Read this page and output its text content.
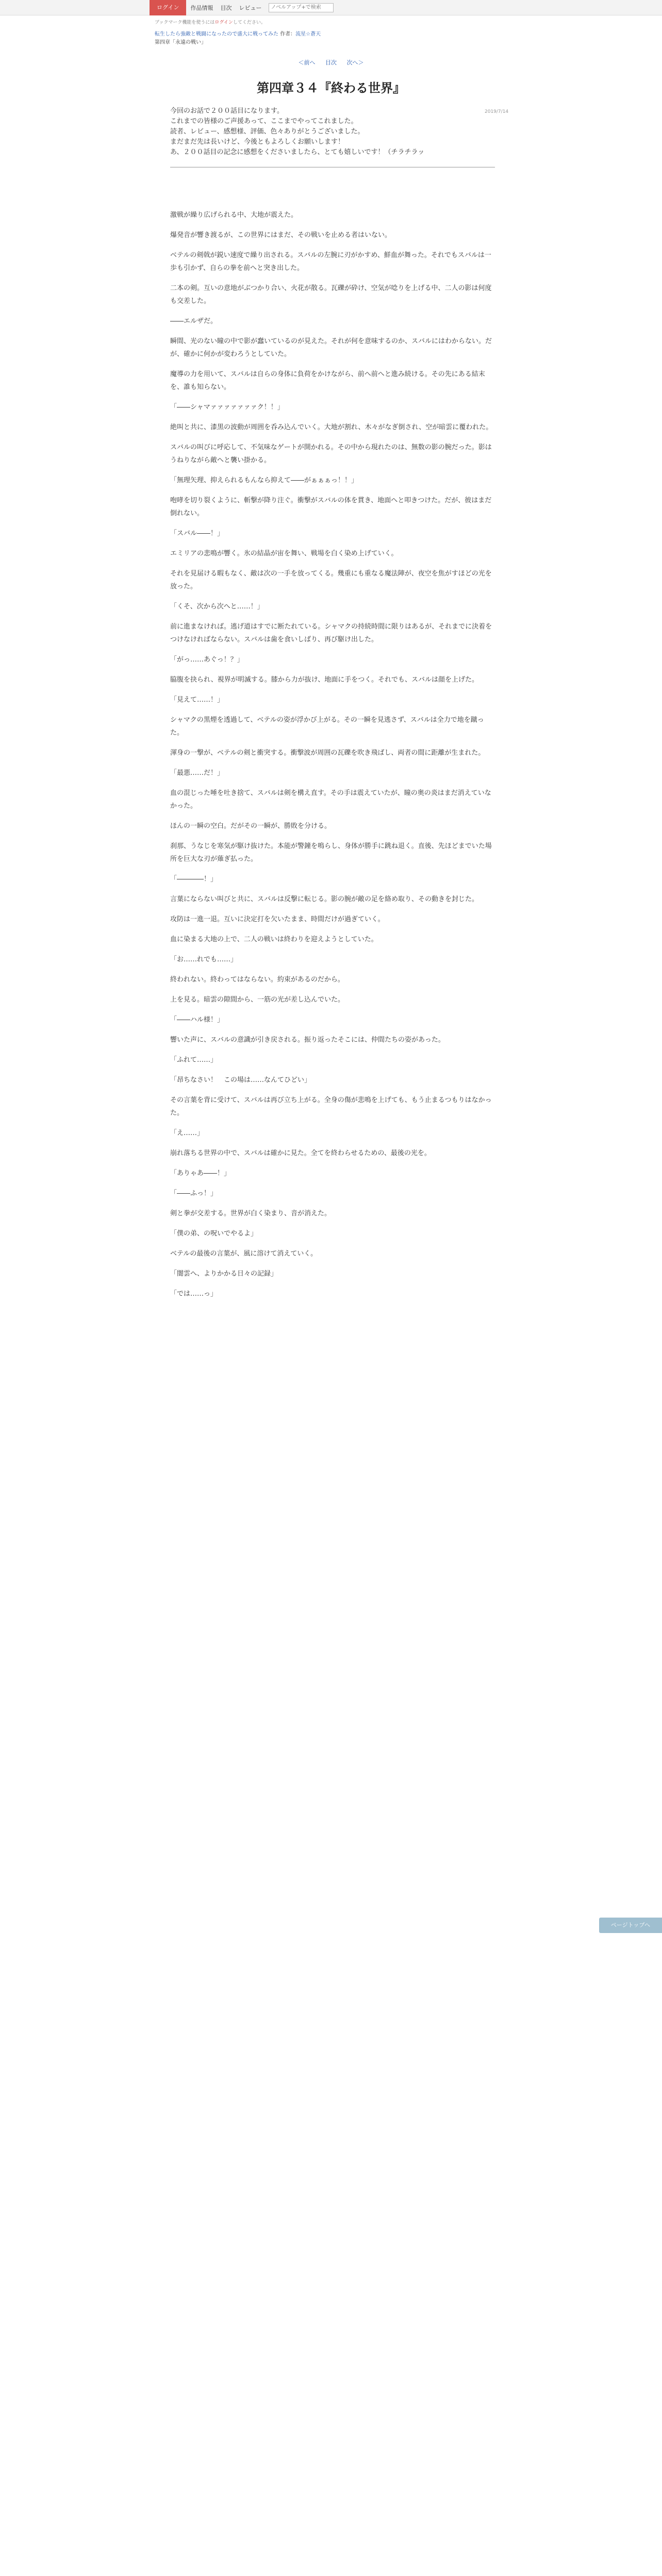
ログイン	作品情報 目次 レビュー
ノベルアップ+で検索
ブックマーク機能を使うにはログインしてください。
転生したら強敵と戦闘になったので盛大に戦ってみた 作者：流星☆蒼天
第四章「永遠の戦い」
＜前へ 目次 次へ＞
2019/7/14
第四章３４『終わる世界』

今回のお話で２００話目になります。

これまでの皆様のご声援あって、ここまでやってこれました。

読者、レビュー、感想様、評価、色々ありがとうございました。

まだまだ先は長いけど、今後ともよろしくお願いします！

あ、２００話目の記念に感想をくださいましたら、とても嬉しいです！（チラチラッ

激戦が繰り広げられる中、大地が震えた。

爆発音が響き渡るが、この世界にはまだ、その戦いを止める者はいない。

ベテルの剣戟が鋭い速度で繰り出される。スバルの左腕に刃がかすめ、鮮血が舞った。それでもスバルは一歩も引かず、自らの拳を前へと突き出した。

二本の剣。互いの意地がぶつかり合い、火花が散る。瓦礫が砕け、空気が唸りを上げる中、二人の影は何度も交差した。

――エルザだ。

瞬間、光のない瞳の中で影が蠢いているのが見えた。それが何を意味するのか、スバルにはわからない。だが、確かに何かが変わろうとしていた。

魔導の力を用いて、スバルは自らの身体に負荷をかけながら、前へ前へと進み続ける。その先にある結末を、誰も知らない。

「――シャマァァァァァァァク！！」

絶叫と共に、漆黒の波動が周囲を呑み込んでいく。大地が割れ、木々がなぎ倒され、空が暗雲に覆われた。

スバルの叫びに呼応して、不気味なゲートが開かれる。その中から現れたのは、無数の影の腕だった。影はうねりながら敵へと襲い掛かる。

「無理矢理、抑えられるもんなら抑えて――がぁぁぁっ！！」

咆哮を切り裂くように、斬撃が降り注ぐ。衝撃がスバルの体を貫き、地面へと叩きつけた。だが、彼はまだ倒れない。

「スバル――！」

エミリアの悲鳴が響く。氷の結晶が宙を舞い、戦場を白く染め上げていく。

それを見届ける暇もなく、敵は次の一手を放ってくる。幾重にも重なる魔法陣が、夜空を焦がすほどの光を放った。

「くそ、次から次へと……！」

前に進まなければ。逃げ道はすでに断たれている。シャマクの持続時間に限りはあるが、それまでに決着をつけなければならない。スバルは歯を食いしばり、再び駆け出した。

「がっ……あぐっ！？」

脇腹を抉られ、視界が明滅する。膝から力が抜け、地面に手をつく。それでも、スバルは顔を上げた。

「見えて……！」

シャマクの黒煙を透過して、ベテルの姿が浮かび上がる。その一瞬を見逃さず、スバルは全力で地を蹴った。

渾身の一撃が、ベテルの剣と衝突する。衝撃波が周囲の瓦礫を吹き飛ばし、両者の間に距離が生まれた。

「最悪……だ！」

血の混じった唾を吐き捨て、スバルは剣を構え直す。その手は震えていたが、瞳の奥の炎はまだ消えていなかった。

ほんの一瞬の空白。だがその一瞬が、勝敗を分ける。

刹那、うなじを寒気が駆け抜けた。本能が警鐘を鳴らし、身体が勝手に跳ね退く。直後、先ほどまでいた場所を巨大な刃が薙ぎ払った。

「――――！」

言葉にならない叫びと共に、スバルは反撃に転じる。影の腕が敵の足を絡め取り、その動きを封じた。

攻防は一進一退。互いに決定打を欠いたまま、時間だけが過ぎていく。

血に染まる大地の上で、二人の戦いは終わりを迎えようとしていた。

「お……れでも……」

終われない。終わってはならない。約束があるのだから。

上を見る。暗雲の隙間から、一筋の光が差し込んでいた。

「――ハル様！」

響いた声に、スバルの意識が引き戻される。振り返ったそこには、仲間たちの姿があった。

「ふれて……」

「昂ちなさい！　この場は……なんてひどい」

その言葉を背に受けて、スバルは再び立ち上がる。全身の傷が悲鳴を上げても、もう止まるつもりはなかった。

「え……」

崩れ落ちる世界の中で、スバルは確かに見た。全てを終わらせるための、最後の光を。

「ありゃあ――！」

「――ふっ！」

剣と拳が交差する。世界が白く染まり、音が消えた。

「僕の弟、の呪いでやるよ」

ベテルの最後の言葉が、風に溶けて消えていく。

「闇雲へ、よりかかる日々の記録」

「では……っ」

ページトップへ
